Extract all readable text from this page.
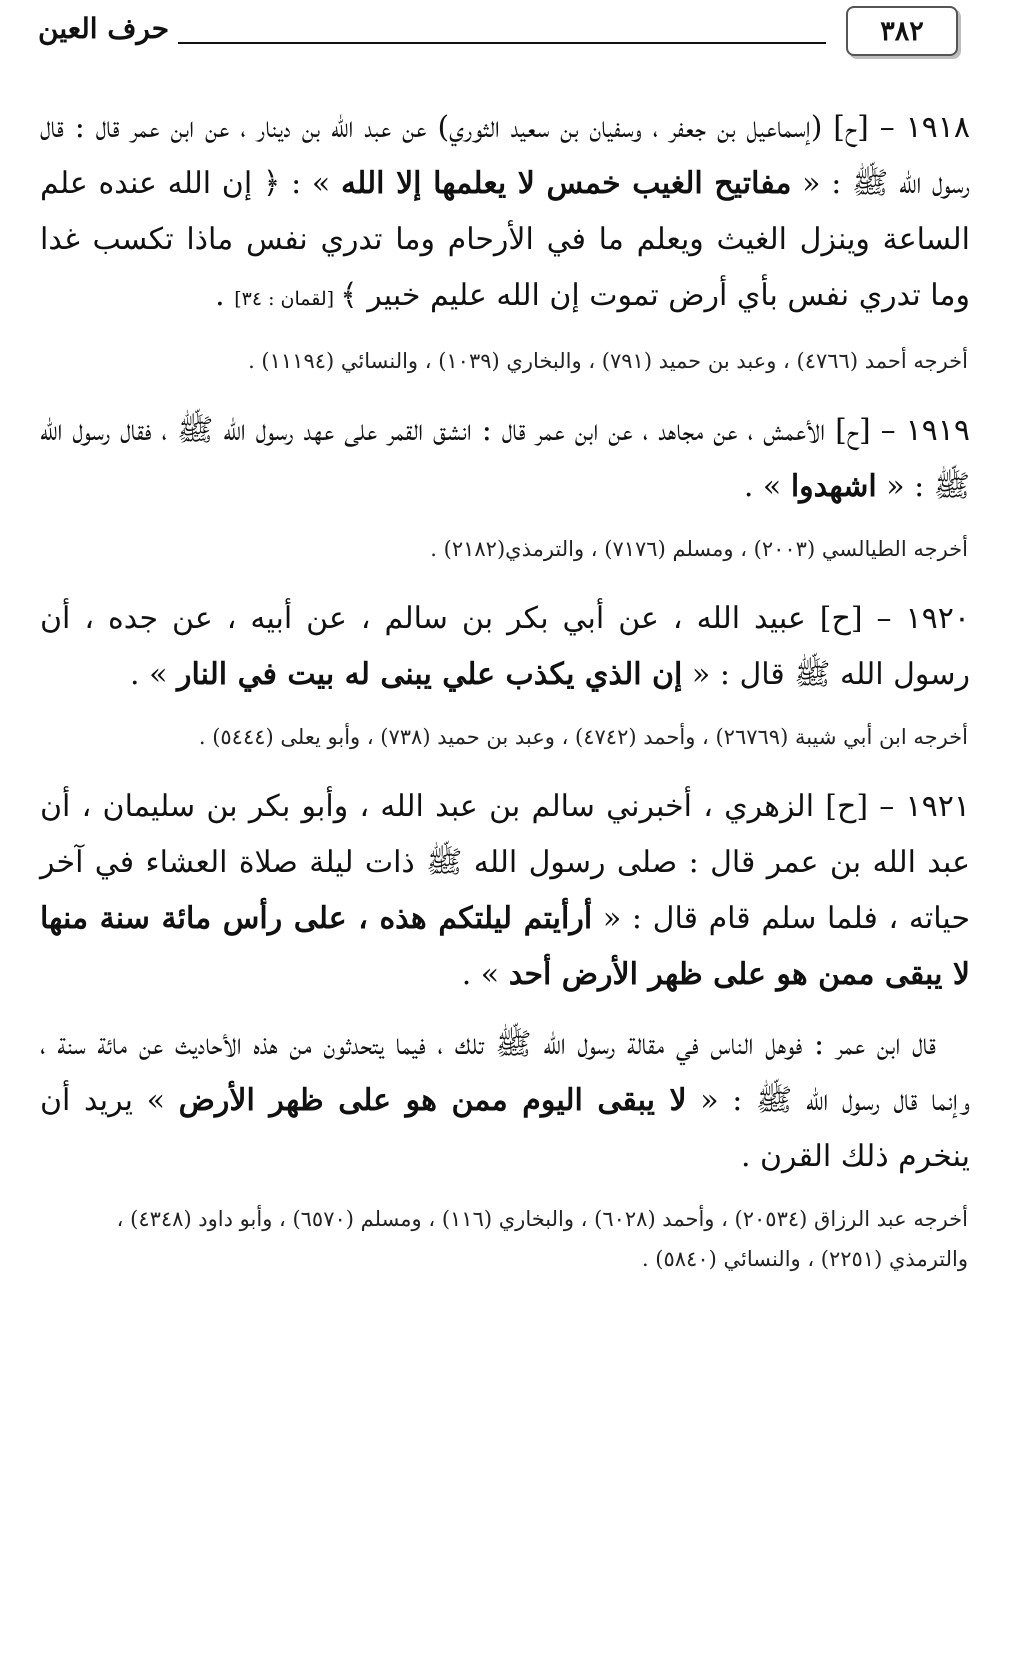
٣٨٢
حرف العين

١٩١٨ – [ح] (إسماعيل بن جعفر ، وسفيان بن سعيد الثوري) عن عبد الله بن دينار ، عن ابن عمر قال : قال رسول الله ﷺ : « مفاتيح الغيب خمس لا يعلمها إلا الله » : ﴿ إن الله عنده علم الساعة وينزل الغيث ويعلم ما في الأرحام وما تدري نفس ماذا تكسب غدا وما تدري نفس بأي أرض تموت إن الله عليم خبير ﴾ [لقمان : ٣٤] .

أخرجه أحمد (٤٧٦٦) ، وعبد بن حميد (٧٩١) ، والبخاري (١٠٣٩) ، والنسائي (١١١٩٤) .

١٩١٩ – [ح] الأعمش ، عن مجاهد ، عن ابن عمر قال : انشق القمر على عهد رسول الله ﷺ ، فقال رسول الله ﷺ : « اشهدوا » .

أخرجه الطيالسي (٢٠٠٣) ، ومسلم (٧١٧٦) ، والترمذي(٢١٨٢) .

١٩٢٠ – [ح] عبيد الله ، عن أبي بكر بن سالم ، عن أبيه ، عن جده ، أن رسول الله ﷺ قال : « إن الذي يكذب علي يبنى له بيت في النار » .

أخرجه ابن أبي شيبة (٢٦٧٦٩) ، وأحمد (٤٧٤٢) ، وعبد بن حميد (٧٣٨) ، وأبو يعلى (٥٤٤٤) .

١٩٢١ – [ح] الزهري ، أخبرني سالم بن عبد الله ، وأبو بكر بن سليمان ، أن عبد الله بن عمر قال : صلى رسول الله ﷺ ذات ليلة صلاة العشاء في آخر حياته ، فلما سلم قام قال : « أرأيتم ليلتكم هذه ، على رأس مائة سنة منها لا يبقى ممن هو على ظهر الأرض أحد » .

قال ابن عمر : فوهل الناس في مقالة رسول الله ﷺ تلك ، فيما يتحدثون من هذه الأحاديث عن مائة سنة ، وإنما قال رسول الله ﷺ : « لا يبقى اليوم ممن هو على ظهر الأرض » يريد أن ينخرم ذلك القرن .

أخرجه عبد الرزاق (٢٠٥٣٤) ، وأحمد (٦٠٢٨) ، والبخاري (١١٦) ، ومسلم (٦٥٧٠) ، وأبو داود (٤٣٤٨) ، والترمذي (٢٢٥١) ، والنسائي (٥٨٤٠) .
